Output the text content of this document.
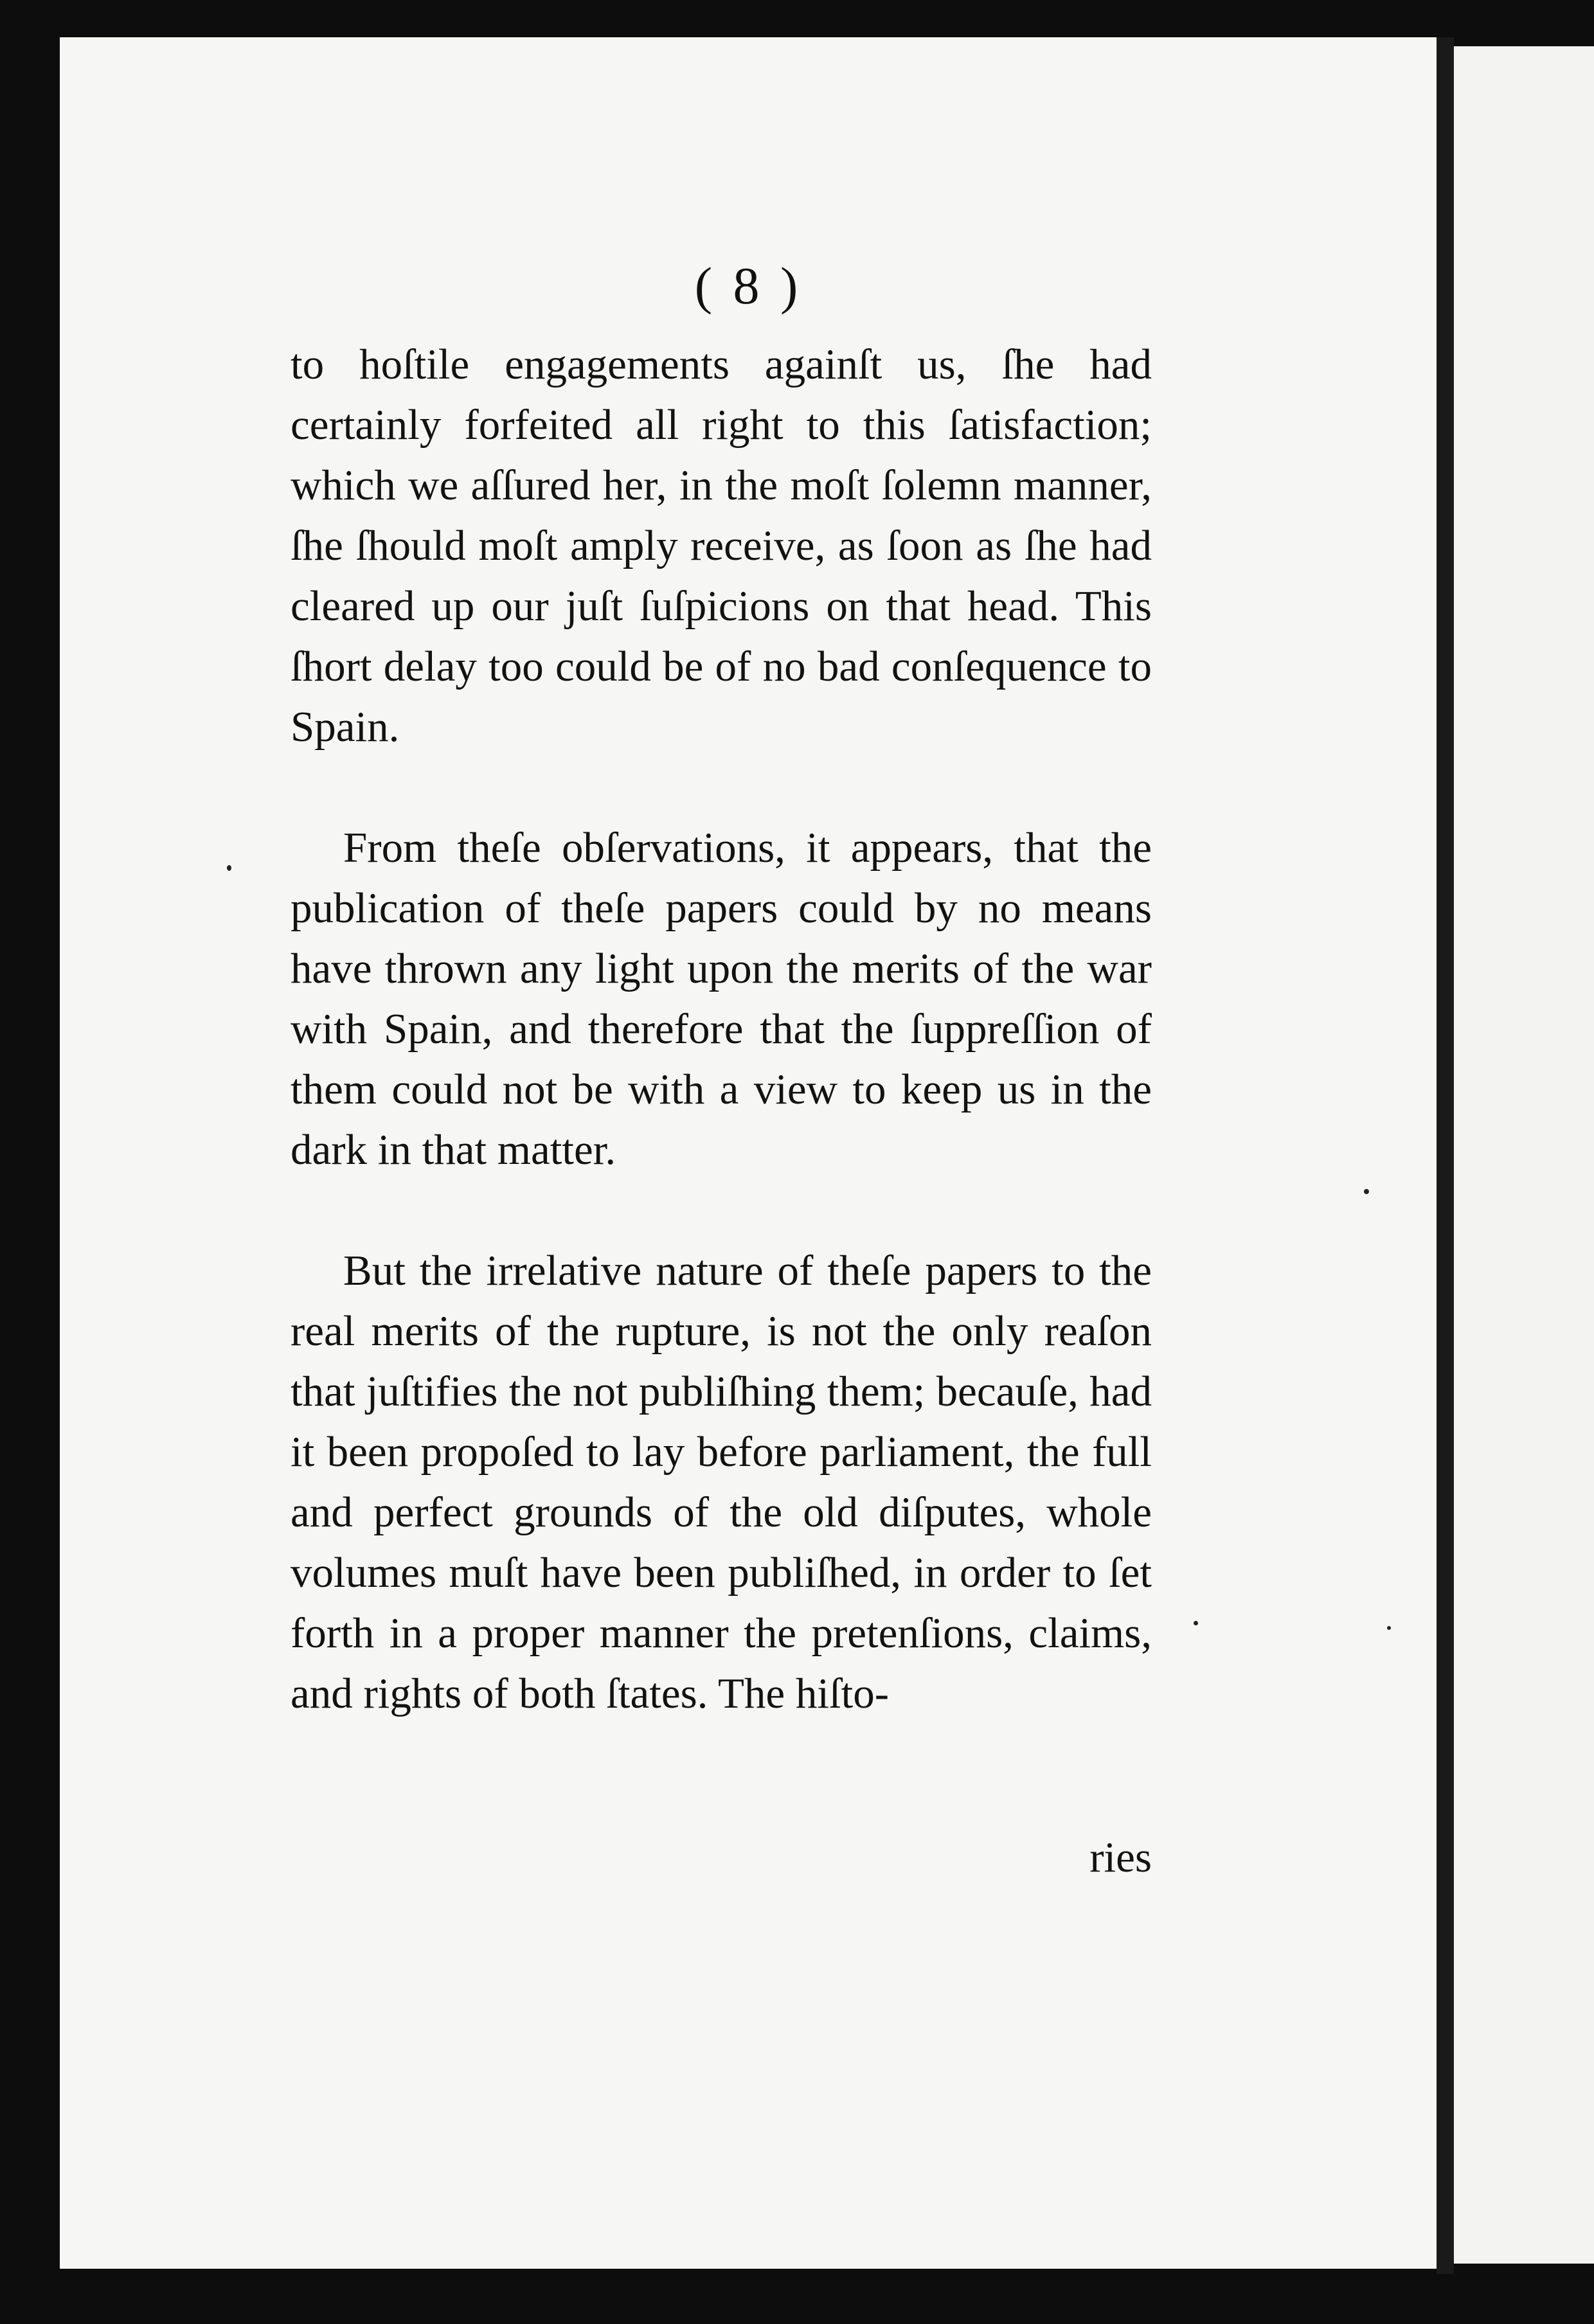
( 8 )

to hoſtile engagements againſt us, ſhe had certainly forfeited all right to this ſatisfaction; which we aſſured her, in the moſt ſolemn manner, ſhe ſhould moſt amply receive, as ſoon as ſhe had cleared up our juſt ſuſpicions on that head. This ſhort delay too could be of no bad conſequence to Spain.

From theſe obſervations, it appears, that the publication of theſe papers could by no means have thrown any light upon the merits of the war with Spain, and therefore that the ſuppreſſion of them could not be with a view to keep us in the dark in that matter.

But the irrelative nature of theſe papers to the real merits of the rupture, is not the only reaſon that juſtifies the not publiſhing them; becauſe, had it been propoſed to lay before parliament, the full and perfect grounds of the old diſputes, whole volumes muſt have been publiſhed, in order to ſet forth in a proper manner the pretenſions, claims, and rights of both ſtates. The hiſto-

ries
